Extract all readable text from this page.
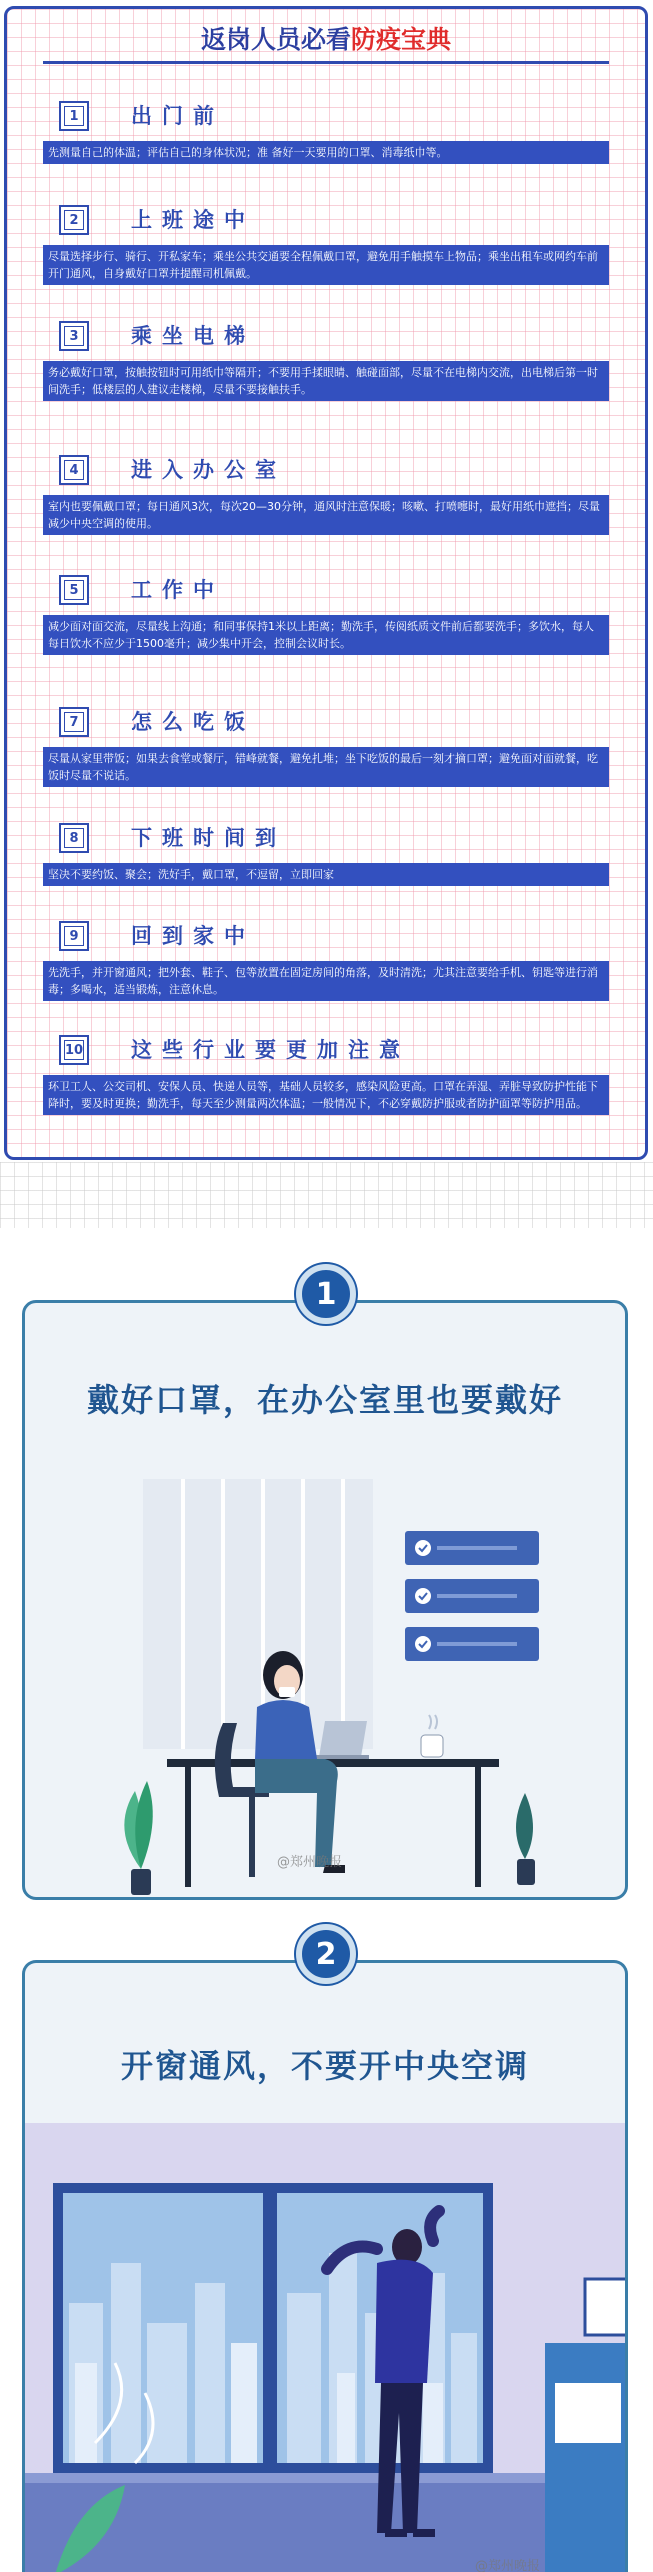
返岗人员必看防疫宝典
1 出门前
先测量自己的体温；评估自己的身体状况；准 备好一天要用的口罩、消毒纸巾等。
2 上班途中
尽量选择步行、骑行、开私家车；乘坐公共交通要全程佩戴口罩，避免用手触摸车上物品；乘坐出租车或网约车前开门通风，自身戴好口罩并提醒司机佩戴。
3 乘坐电梯
务必戴好口罩，按触按钮时可用纸巾等隔开；不要用手揉眼睛、触碰面部，尽量不在电梯内交流，出电梯后第一时间洗手；低楼层的人建议走楼梯，尽量不要接触扶手。
4 进入办公室
室内也要佩戴口罩；每日通风3次，每次20—30分钟，通风时注意保暖；咳嗽、打喷嚏时，最好用纸巾遮挡；尽量减少中央空调的使用。
5 工作中
减少面对面交流，尽量线上沟通；和同事保持1米以上距离；勤洗手，传阅纸质文件前后都要洗手；多饮水，每人每日饮水不应少于1500毫升；减少集中开会，控制会议时长。
7 怎么吃饭
尽量从家里带饭；如果去食堂或餐厅，错峰就餐，避免扎堆；坐下吃饭的最后一刻才摘口罩；避免面对面就餐，吃饭时尽量不说话。
8 下班时间到
坚决不要约饭、聚会；洗好手，戴口罩，不逗留，立即回家
9 回到家中
先洗手，并开窗通风；把外套、鞋子、包等放置在固定房间的角落，及时清洗；尤其注意要给手机、钥匙等进行消毒；多喝水，适当锻炼，注意休息。
10 这些行业要更加注意
环卫工人、公交司机、安保人员、快递人员等，基础人员较多，感染风险更高。口罩在弄湿、弄脏导致防护性能下降时，要及时更换；勤洗手，每天至少测量两次体温；一般情况下，不必穿戴防护服或者防护面罩等防护用品。
戴好口罩，在办公室里也要戴好
@郑州晚报
1
开窗通风，不要开中央空调
@郑州晚报
2
